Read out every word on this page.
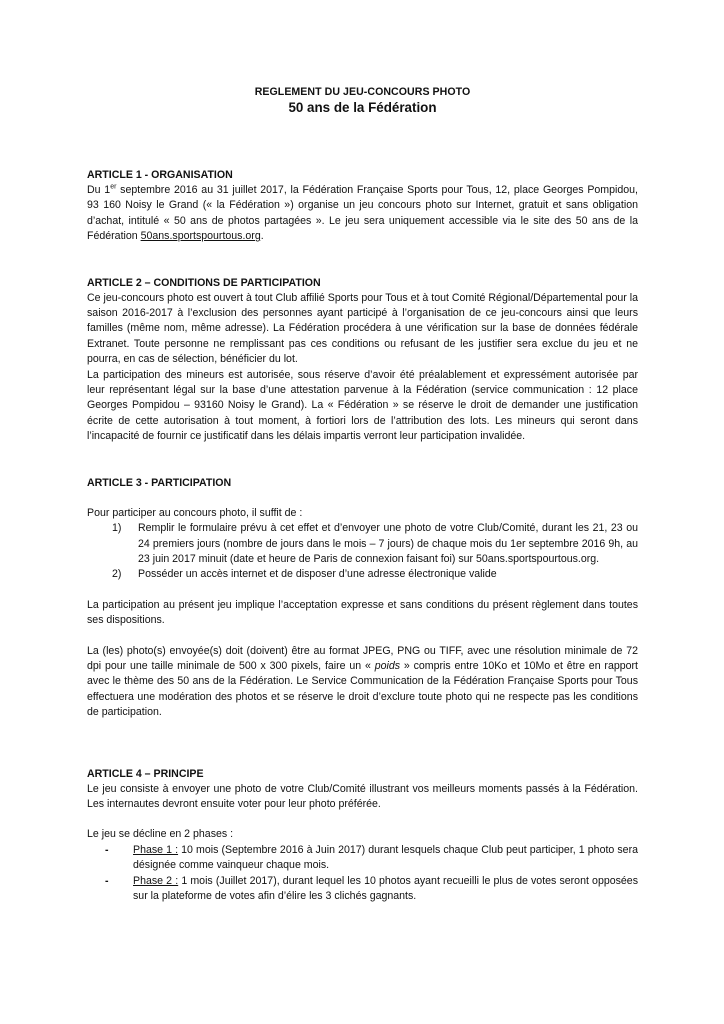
REGLEMENT DU JEU-CONCOURS PHOTO
50 ans de la Fédération
ARTICLE 1 - ORGANISATION
Du 1er septembre 2016 au 31 juillet 2017, la Fédération Française Sports pour Tous, 12, place Georges Pompidou, 93 160 Noisy le Grand (« la Fédération ») organise un jeu concours photo sur Internet, gratuit et sans obligation d’achat, intitulé « 50 ans de photos partagées ». Le jeu sera uniquement accessible via le site des 50 ans de la Fédération 50ans.sportspourtous.org.
ARTICLE 2 – CONDITIONS DE PARTICIPATION
Ce jeu-concours photo est ouvert à tout Club affilié Sports pour Tous et à tout Comité Régional/Départemental pour la saison 2016-2017 à l’exclusion des personnes ayant participé à l’organisation de ce jeu-concours ainsi que leurs familles (même nom, même adresse). La Fédération procédera à une vérification sur la base de données fédérale Extranet. Toute personne ne remplissant pas ces conditions ou refusant de les justifier sera exclue du jeu et ne pourra, en cas de sélection, bénéficier du lot.
La participation des mineurs est autorisée, sous réserve d’avoir été préalablement et expressément autorisée par leur représentant légal sur la base d’une attestation parvenue à la Fédération (service communication : 12 place Georges Pompidou – 93160 Noisy le Grand). La « Fédération » se réserve le droit de demander une justification écrite de cette autorisation à tout moment, à fortiori lors de l’attribution des lots. Les mineurs qui seront dans l’incapacité de fournir ce justificatif dans les délais impartis verront leur participation invalidée.
ARTICLE 3 - PARTICIPATION
Pour participer au concours photo, il suffit de :
1)	Remplir le formulaire prévu à cet effet et d’envoyer une photo de votre Club/Comité, durant les 21, 23 ou 24 premiers jours (nombre de jours dans le mois – 7 jours) de chaque mois du 1er septembre 2016 9h, au 23 juin 2017 minuit (date et heure de Paris de connexion faisant foi) sur 50ans.sportspourtous.org.
2)	Posséder un accès internet et de disposer d’une adresse électronique valide
La participation au présent jeu implique l’acceptation expresse et sans conditions du présent règlement dans toutes ses dispositions.
La (les) photo(s) envoyée(s) doit (doivent) être au format JPEG, PNG ou TIFF, avec une résolution minimale de 72 dpi pour une taille minimale de 500 x 300 pixels, faire un « poids » compris entre 10Ko et 10Mo et être en rapport avec le thème des 50 ans de la Fédération. Le Service Communication de la Fédération Française Sports pour Tous effectuera une modération des photos et se réserve le droit d’exclure toute photo qui ne respecte pas les conditions de participation.
ARTICLE 4 – PRINCIPE
Le jeu consiste à envoyer une photo de votre Club/Comité illustrant vos meilleurs moments passés à la Fédération. Les internautes devront ensuite voter pour leur photo préférée.
Le jeu se décline en 2 phases :
-	Phase 1 : 10 mois (Septembre 2016 à Juin 2017) durant lesquels chaque Club peut participer, 1 photo sera désignée comme vainqueur chaque mois.
-	Phase 2 : 1 mois (Juillet 2017), durant lequel les 10 photos ayant recueilli le plus de votes seront opposées sur la plateforme de votes afin d’élire les 3 clichés gagnants.
